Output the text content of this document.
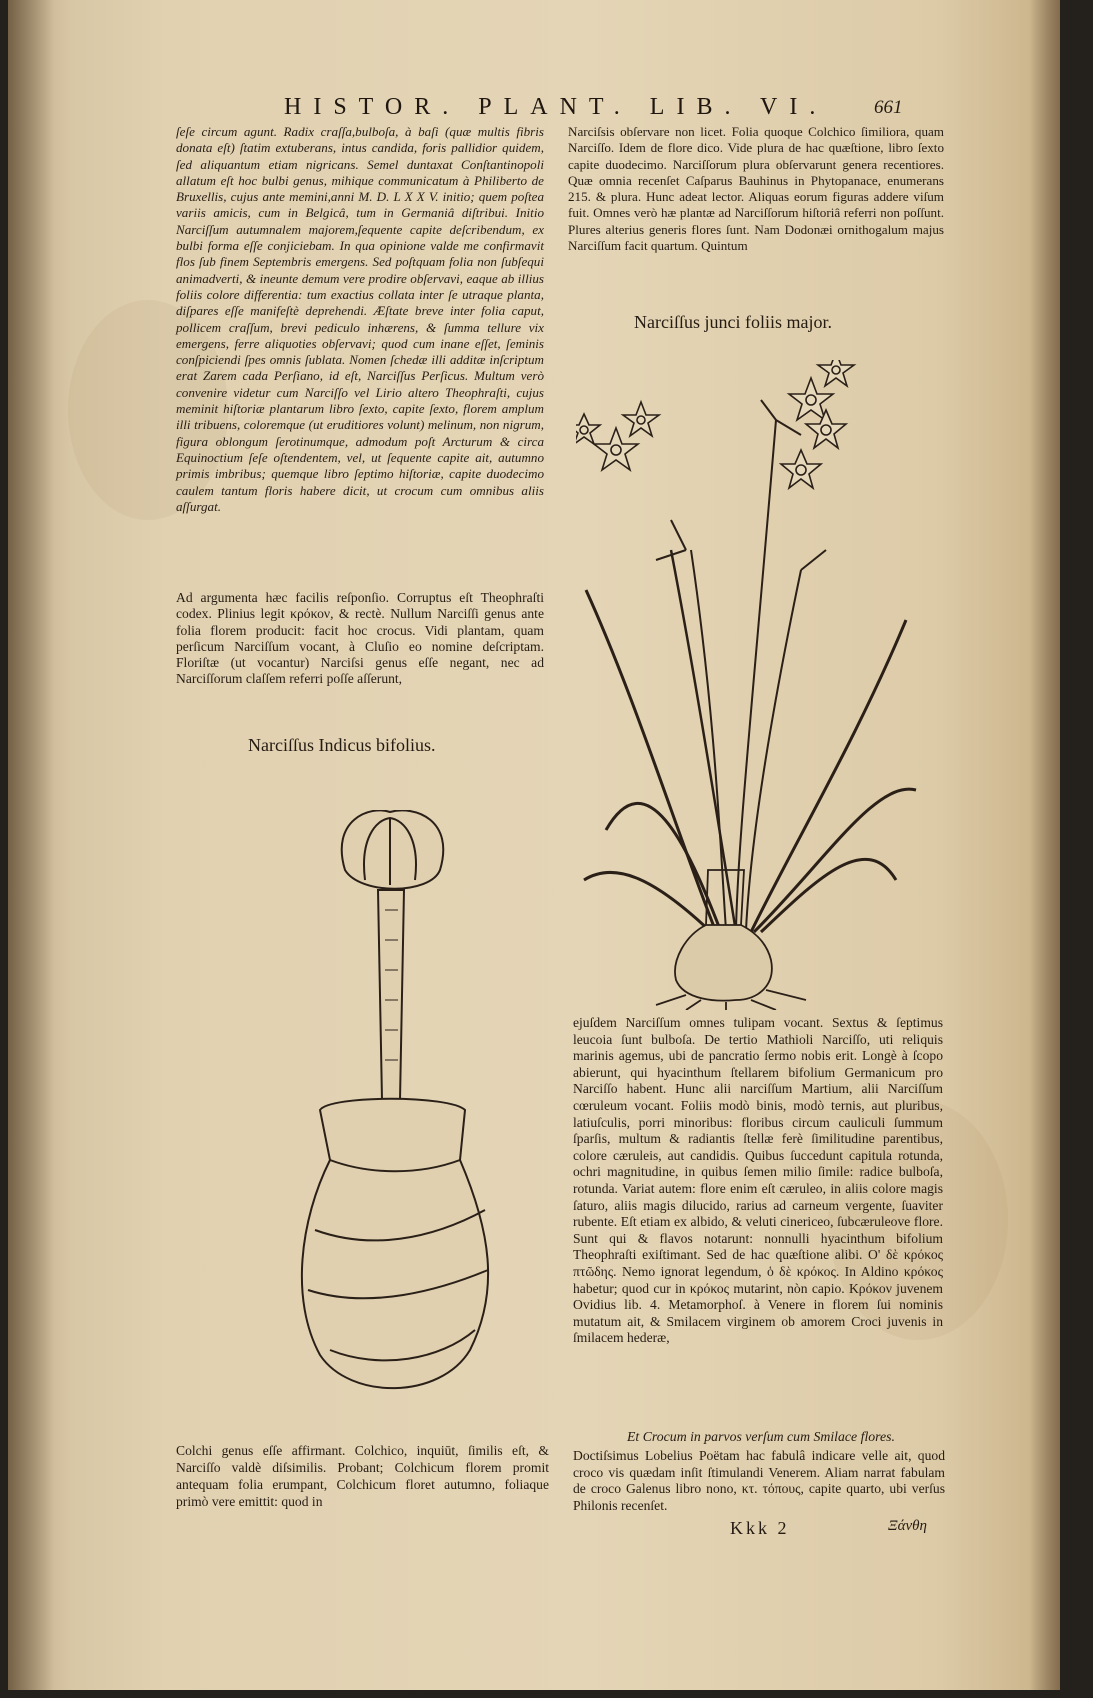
HISTOR. PLANT. LIB. VI. 661
ſeſe circum agunt. Radix craſſa,bulboſa, à baſi (quæ multis fibris donata eſt) ſtatim extuberans, intus candida, foris pallidior quidem, ſed aliquantum etiam nigricans. Semel duntaxat Conſtantinopoli allatum eſt hoc bulbi genus, mihique communicatum à Philiberto de Bruxellis, cujus ante memini,anni M. D. L X X V. initio; quem poſtea variis amicis, cum in Belgicâ, tum in Germaniâ diſtribui. Initio Narciſſum autumnalem majorem,ſequente capite deſcribendum, ex bulbi forma eſſe conjiciebam. In qua opinione valde me confirmavit flos ſub finem Septembris emergens. Sed poſtquam folia non ſubſequi animadverti, & ineunte demum vere prodire obſervavi, eaque ab illius foliis colore differentia: tum exactius collata inter ſe utraque planta, diſpares eſſe manifeſtè deprehendi. Æſtate breve inter folia caput, pollicem craſſum, brevi pediculo inhærens, & ſumma tellure vix emergens, ferre aliquoties obſervavi; quod cum inane eſſet, ſeminis conſpiciendi ſpes omnis ſublata. Nomen ſchedæ illi additæ inſcriptum erat Zarem cada Perſiano, id eſt, Narciſſus Perſicus. Multum verò convenire videtur cum Narciſſo vel Lirio altero Theophraſti, cujus meminit hiſtoriæ plantarum libro ſexto, capite ſexto, florem amplum illi tribuens, coloremque (ut eruditiores volunt) melinum, non nigrum, figura oblongum ſerotinumque, admodum poſt Arcturum & circa Equinoctium ſeſe oſtendentem, vel, ut ſequente capite ait, autumno primis imbribus; quemque libro ſeptimo hiſtoriæ, capite duodecimo caulem tantum floris habere dicit, ut crocum cum omnibus aliis aſſurgat.
Ad argumenta hæc facilis reſponſio. Corruptus eſt Theophraſti codex. Plinius legit κρόκον, & rectè. Nullum Narciſſi genus ante folia florem producit: facit hoc crocus. Vidi plantam, quam perſicum Narciſſum vocant, à Cluſio eo nomine deſcriptam. Floriſtæ (ut vocantur) Narciſsi genus eſſe negant, nec ad Narciſſorum claſſem referri poſſe aſſerunt,
Narciſsis obſervare non licet. Folia quoque Colchico ſimiliora, quam Narciſſo. Idem de flore dico. Vide plura de hac quæſtione, libro ſexto capite duodecimo. Narciſſorum plura obſervarunt genera recentiores. Quæ omnia recenſet Caſparus Bauhinus in Phytopanace, enumerans 215. & plura. Hunc adeat lector. Aliquas eorum figuras addere viſum fuit. Omnes verò hæ plantæ ad Narciſſorum hiſtoriâ referri non poſſunt. Plures alterius generis flores ſunt. Nam Dodonæi ornithogalum majus Narciſſum facit quartum. Quintum
Narciſſus junci foliis major.
Narciſſus Indicus bifolius.
ejuſdem Narciſſum omnes tulipam vocant. Sextus & ſeptimus leucoia ſunt bulboſa. De tertio Mathioli Narciſſo, uti reliquis marinis agemus, ubi de pancratio ſermo nobis erit. Longè à ſcopo abierunt, qui hyacinthum ſtellarem bifolium Germanicum pro Narciſſo habent. Hunc alii narciſſum Martium, alii Narciſſum cœruleum vocant. Foliis modò binis, modò ternis, aut pluribus, latiuſculis, porri minoribus: floribus circum cauliculi ſummum ſparſis, multum & radiantis ſtellæ ferè ſimilitudine parentibus, colore cæruleis, aut candidis. Quibus ſuccedunt capitula rotunda, ochri magnitudine, in quibus ſemen milio ſimile: radice bulboſa, rotunda. Variat autem: flore enim eſt cæruleo, in aliis colore magis ſaturo, aliis magis dilucido, rarius ad carneum vergente, ſuaviter rubente. Eſt etiam ex albido, & veluti cinericeo, ſubcæruleove flore. Sunt qui & flavos notarunt: nonnulli hyacinthum bifolium Theophraſti exiſtimant. Sed de hac quæſtione alibi. Ο' δὲ κρόκος πτῶδης. Nemo ignorat legendum, ὁ δὲ κρόκος. In Aldino κρόκος habetur; quod cur in κρόκος mutarint, nòn capio. Κρόκον juvenem Ovidius lib. 4. Metamorphoſ. à Venere in florem ſui nominis mutatum ait, & Smilacem virginem ob amorem Croci juvenis in ſmilacem hederæ,
Et Crocum in parvos verſum cum Smilace flores.
Colchi genus eſſe affirmant. Colchico, inquiūt, ſimilis eſt, & Narciſſo valdè diſsimilis. Probant; Colchicum florem promit antequam folia erumpant, Colchicum floret autumno, foliaque primò vere emittit: quod in
Doctiſsimus Lobelius Poëtam hac fabulâ indicare velle ait, quod croco vis quædam inſit ſtimulandi Venerem. Aliam narrat fabulam de croco Galenus libro nono, κτ. τόπους, capite quarto, ubi verſus Philonis recenſet.
Kkk 2	Ξάνθη
